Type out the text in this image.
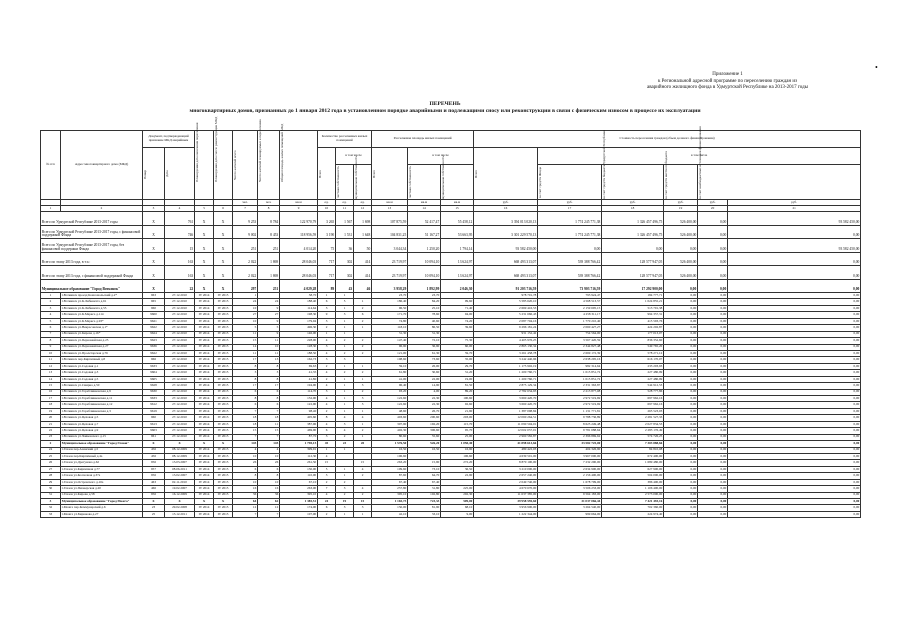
•
Приложение 1
к Региональной адресной программе по переселению граждан из
аварийного жилищного фонда в Удмуртской Республике на 2013-2017 годы
ПЕРЕЧЕНЬ
многоквартирных домов, признанных до 1 января 2012 года в установленном порядке аварийными и подлежащими сносу или реконструкции в связи с физическим износом в процессе их эксплуатации
№ п/п	Адрес многоквартирного дома (МКД)	Документ, подтверждающий признание МКД аварийным		Планируемая дата окончания переселения	Планируемая дата сноса/ реконструкции МКД	Число жителей всего	Число жителей планируемых к переселению	Общая площадь жилых помещений МКД	Количество расселяемых жилых помещений			Расселяемая площадь жилых помещений			Стоимость переселения граждан (объем долевого финансирования)					

		Номер	Дата						Всего	в том числе		Всего	в том числе		Всего	в том числе				

										частная собственность	муниципальная собственность		частная собственность	муниципальная собственность		за счет средств Фонда	за счет средств бюджета Удмуртской Республики	за счет средств местного бюджета	за счет внебюджетных источников финансирования	

						чел.	чел.	кв.м	ед.	ед.	ед.	кв.м	кв.м	кв.м	руб.	руб.	руб.	руб.	руб.	руб.
1	2	3	4	5	6	7	8	9	10	11	12	13	14	15	16	17	18	19	20	21
Всего по Удмуртской Республике 2013-2017 годы		X	761	X	X	9 253	8 784	122 970,79	3 265	1 567	1 698	107 875,59	52 417,47	55 458,12	3 394 013 020,13	1 774 245 771,38	1 326 457 496,75	526 400,00	0,00	93 582 450,00
Всего по Удмуртской Республике 2013-2017 годы, с финансовой поддержкой Фонда		X	746	X	X	9 002	8 453	118 956,59	3 190	1 531	1 648	104 831,25	51 167,27	53 663,95	3 301 229 570,13	1 774 245 771,38	1 326 457 496,75	526 400,00	0,00	0,00
Всего по Удмуртской Республике 2013-2017 годы, без финансовой поддержки Фонда		X	15	X	X	251	251	4 014,20	75	36	50	3 044,34	1 250,20	1 794,14	93 582 450,00	0,00	0,00	0,00	0,00	93 582 450,00
Всего по этапу 2013 года, в т.ч.:		X	163	X	X	2 022	1 869	28 046,03	717	302	414	23 719,97	10 094,10	13 624,97	668 493 313,07	539 388 766,42	128 577 947,05	526 400,00	0,00	0,00
Всего по этапу 2013 года, с финансовой поддержкой Фонда		X	163	X	X	2 022	1 869	28 046,03	717	302	414	23 719,97	10 094,10	13 624,97	668 493 313,07	539 388 766,42	128 577 947,05	526 400,00	0,00	0,00
Муниципальное образование "Город Воткинск"		X	22	X	X	297	251	4 029,28	89	43	46	3 958,29	1 892,99	2 046,30	91 203 716,59	73 903 716,59	17 292 900,00	0,00	0,00	0,00
1	г.Воткинск проезд Комсомольский д.2*	963	27.12.2010	IV 2014	IV 2015	1		38,70	1	1		23,70	23,70		978 701,78	793 924,47	184 777,71	0,00	0,00	0,00
2	г.Воткинск ул.К.Либкнехта д.61	965	27.12.2010	IV 2014	IV 2015	24	24	188,40	6	5	1	186,40	84,20	99,60	5 585 620,10	4 568 513,57	1 024 855,21	0,00	0,00	0,00
3	г.Воткинск ул.К.Либкнехта д.55	960	27.12.2010	IV 2014	IV 2015	10	9	114,64	3	1	2	96,50	25,10	71,40	2 669 416,53	2 159 695,15	513 791,38	0,00	0,00	0,00
4	г.Воткинск ул.К.Маркса д.114	9600	27.12.2010	IV 2014	IV 2015	27	27	198,30	9	3	6	171,70	78,60	94,00	5 231 666,43	4 258 311,17	994 357,31	0,00	0,00	0,00
5	г.Воткинск ул.К.Маркса д.93*	9621	27.12.2010	IV 2014	IV 2015	10	9	179,94	3	1	2	74,80	40,60	74,20	2 087 704,16	1 770 210,40	415 593,76	0,00	0,00	0,00
6	г.Воткинск ул.Некрасовская д.1*	9622	27.12.2010	IV 2014	IV 2015	5	5	496,30	2	1	1	118,10	86,50	39,60	9 296 181,24	2 060 427,27	424 202,87	0,00	0,00	0,00
7	г.Воткинск ул.Кирова д.16*	9624	27.12.2010	IV 2014	IV 2015	11	9	146,00	1	1		31,30	31,30		931 152,42	754 564,00	177 013,07	0,00	0,00	0,00
8	г.Воткинск ул.Первомайская д.25	9623	27.12.2010	IV 2014	IV 2015	15	11	228,00	4	2	2	147,40	72,10	75,30	4 405 976,25	3 567 420,59	836 352,60	0,00	0,00	0,00
9	г.Воткинск ул.Первомайская д.27	9636	27.12.2010	IV 2014	IV 2015	14	10	128,30	3	1	2	96,90	36,90	60,00	2 865 130,34	2 344 827,48	549 765,20	0,00	0,00	0,00
10	г.Воткинск ул.Пролетарская д.76	9622	27.12.2010	IV 2014	IV 2015	11	11	188,50	4	2	2	121,00	61,30	59,70	3 261 458,78	2 669 172,39	578 271,12	0,00	0,00	0,00
11	г.Воткинск пер.Кирпичный д.8	966	27.12.2010	IV 2014	IV 2015	17	13	162,73	3	3		108,60	73,60	35,00	3 242 440,96	2 638 295,16	616 170,07	0,00	0,00	0,00
12	г.Воткинск ул.Садовая д.1	9633	27.12.2010	IV 2014	IV 2015	8	8	69,63	2	1	1	59,10	26,00	29,70	1 175 902,19	982 314,64	233 203,93	0,00	0,00	0,00
13	г.Воткинск ул.Садовая д.3	9604	27.12.2010	IV 2014	IV 2015	3	3	41,35	4	2	2	61,80	30,60	31,20	1 200 760,71	1 015 851,72	227 480,99	0,00	0,00	0,00
14	г.Воткинск ул.Садовая д.5	9605	27.12.2010	IV 2014	IV 2015	8	8	41,80	2	1	1	41,00	22,00	19,00	1 200 760,71	1 015 851,72	227 480,99	0,00	0,00	0,00
15	г.Воткинск ул.Смирна д.50	9628	27.12.2010	IV 2014	IV 2015	17	17	194,90	4	1	3	96,40	14,90	81,50	2 875 129,34	2 331 363,87	544 912,53	0,00	0,00	0,00
16	г.Воткинск ул.Тореблинковская д.9	9630	27.12.2010	IV 2014	IV 2015	6	6	114,70	3	1	2	93,20	4,00	89,20	2 782 634,93	2 213 877,08	528 777,86	0,00	0,00	0,00
17	г.Воткинск ул.Тореблинковская д.11	9633	27.12.2010	IV 2014	IV 2015	8	8	132,90	4	1	3	122,60	22,30	100,60	3 660 420,70	2 972 519,69	697 962,16	0,00	0,00	0,00
18	г.Воткинск ул.Тореблинковская д.12	9612	27.12.2010	IV 2014	IV 2015	6	6	122,90	4	1	3	122,60	22,30	92,60	3 660 420,70	2 972 519,69	697 962,16	0,00	0,00	0,00
19	г.Воткинск ул.Тореблинковская д.3	9619	27.12.2010	IV 2014	IV 2015	7	7	98,40	2	1	1	48,60	26,70	21,90	1 387 098,84	1 131 771,81	265 523,03	0,00	0,00	0,00
20	г.Воткинск ул.Цеховая д.5	960	27.12.2010	IV 2014	IV 2015	18	18	405,60	8	4	4	403,60	200,60	203,00	12 060 264,51	9 788 736,89	2 281 527,33	0,00	0,00	0,00
21	г.Воткинск ул.Цеховая д.7	9613	27.12.2010	IV 2014	IV 2015	18	11	387,96	4	3	1	307,90	192,20	115,70	11 090 504,01	8 625 249,48	2 027 834,53	0,00	0,00	0,00
22	г.Воткинск ул.Цеховая д.9	9603	27.12.2010	IV 2014	IV 2015	15	15	469,90	6	4	2	402,30	306,60	95,70	12 002 057,01	9 781 688,64	2 283 176,49	0,00	0,00	0,00
23	г.Воткинск ул.Чайковского д.15	961	27.12.2010	IV 2014	IV 2015	7	7	87,70	3	2	1	80,60	55,60	25,00	2 960 582,87	2 396 869,62	574 726,25	0,00	0,00	0,00
2	Муниципальное образование "Город Глазов"	X	X	X	X	145	145	1 790,15	45	23	20	1 576,50	526,20	1 050,40	41 898 613,66	33 582 725,00	7 303 888,66	0,00	0,00	0,00
24	г.Глазов пер.Азинский д.5	456	08.12.2009	IV 2014	IV 2015	4	4	399,91	1	1		16,50	16,50	16,90	480 422,03	404 326,90	84 810,08	0,00	0,00	0,00
25	г.Глазов пер.Кирпичный д.4а	456	08.12.2009	IV 2014	IV 2015	10	10	112,30	4			106,60		106,60	4 639 501,00	3 967 000,00	672 400,00	0,00	0,00	0,00
26	г.Глазов ул.Драгунова д.62	956	13.03.2007	IV 2014	IV 2015	26	26	261,50	15		15	263,20	15,90	272,20	8 870 100,00	7 232 290,00	1 689 480,00	0,00	0,00	0,00
27	г.Глазов ул.Кирпичная д.77	957	08.06.2011	IV 2014	IV 2015	6	6	130,00	5	1	4	109,60	73,10	36,50	3 210 000,00	2 634 900,00	627 900,00	0,00	0,00	0,00
28	г.Глазов ул.Колхозная д.37а	956	13.02.2007	IV 2014	IV 2015	8	8	110,00	3	1	2	87,60	64,70	22,90	2 657 240,00	2 156 400,00	504 000,00	0,00	0,00	0,00
29	г.Глазов ул.Островского д.16а	463	02.11.2010	IV 2014	IV 2015	10	10	67,10	2	2		67,40	67,40		2 049 740,00	1 678 799,00	386 400,00	0,00	0,00	0,00
30	г.Глазов ул.Пионерская д.20	466	19.02.2007	IV 2014	IV 2015	16	16	263,00	7	3	4	257,80	31,80	225,00	4 670 670,00	3 506 233,00	1 106 400,00	0,00	0,00	0,00
31	г.Глазов ул.Кирова д.58	956	16.12.2009	IV 2014	IV 2015	36	36	395,10	4	2	2	395,10	102,80	292,30	11 637 385,00	9 564 183,00	2 573 000,00	0,00	0,00	0,00
3	Муниципальное образование "Город Можга"	X	X	X	X	64	62	1 385,51	24	19	15	1 165,73	723,33	509,00	39 958 559,60	31 037 066,44	7 421 493,16	0,00	0,00	0,00
32	г.Можга пер.Коммунарский д.6	23	29.02.2008	IV 2014	IV 2015	12	12	174,00	6	3	3	150,00	81,90	68,10	3 956 900,00	3 264 540,00	702 360,00	0,00	0,00	0,00
33	г.Можга ул.Бирюкова д.27	25	13.12.2011	IV 2014	IV 2015	7	7	107,00	2	1	1	42,10	33,10	9,00	1 222 344,00	999 664,00	224 974,40	0,00	0,00	0,00
